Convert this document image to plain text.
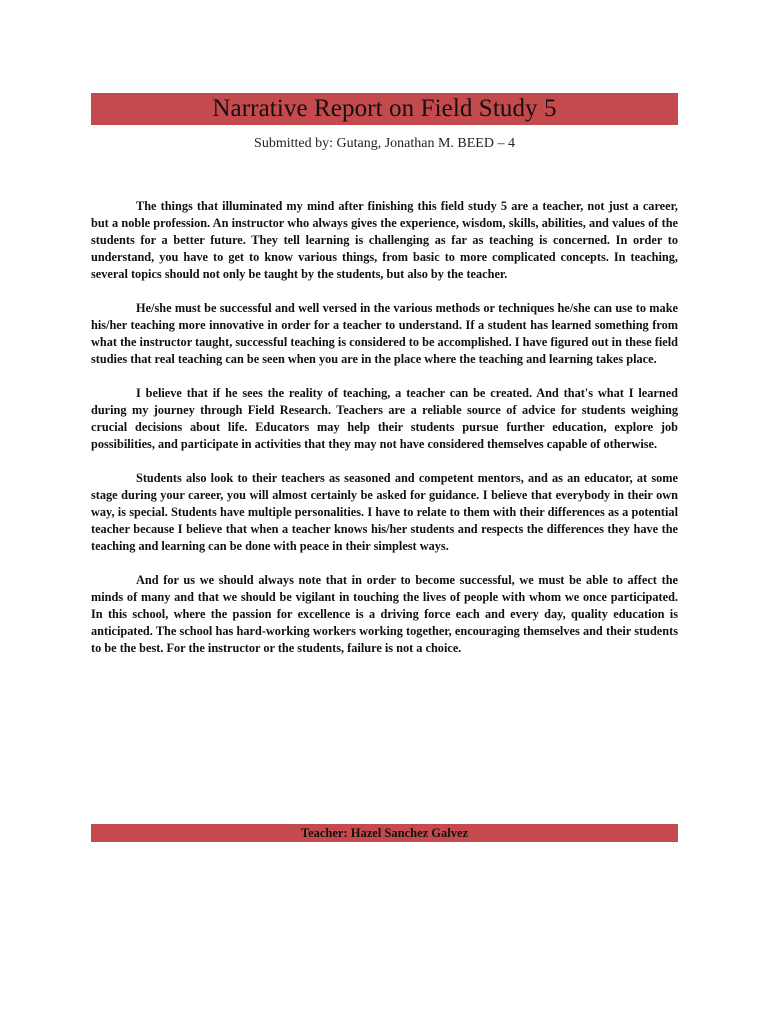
Narrative Report on Field Study 5
Submitted by: Gutang, Jonathan M. BEED – 4

The things that illuminated my mind after finishing this field study 5 are a teacher, not just a career, but a noble profession. An instructor who always gives the experience, wisdom, skills, abilities, and values of the students for a better future. They tell learning is challenging as far as teaching is concerned. In order to understand, you have to get to know various things, from basic to more complicated concepts. In teaching, several topics should not only be taught by the students, but also by the teacher.

He/she must be successful and well versed in the various methods or techniques he/she can use to make his/her teaching more innovative in order for a teacher to understand. If a student has learned something from what the instructor taught, successful teaching is considered to be accomplished. I have figured out in these field studies that real teaching can be seen when you are in the place where the teaching and learning takes place.

I believe that if he sees the reality of teaching, a teacher can be created. And that's what I learned during my journey through Field Research. Teachers are a reliable source of advice for students weighing crucial decisions about life. Educators may help their students pursue further education, explore job possibilities, and participate in activities that they may not have considered themselves capable of otherwise.

Students also look to their teachers as seasoned and competent mentors, and as an educator, at some stage during your career, you will almost certainly be asked for guidance. I believe that everybody in their own way, is special. Students have multiple personalities. I have to relate to them with their differences as a potential teacher because I believe that when a teacher knows his/her students and respects the differences they have the teaching and learning can be done with peace in their simplest ways.

And for us we should always note that in order to become successful, we must be able to affect the minds of many and that we should be vigilant in touching the lives of people with whom we once participated. In this school, where the passion for excellence is a driving force each and every day, quality education is anticipated. The school has hard-working workers working together, encouraging themselves and their students to be the best. For the instructor or the students, failure is not a choice.

Teacher: Hazel Sanchez Galvez
